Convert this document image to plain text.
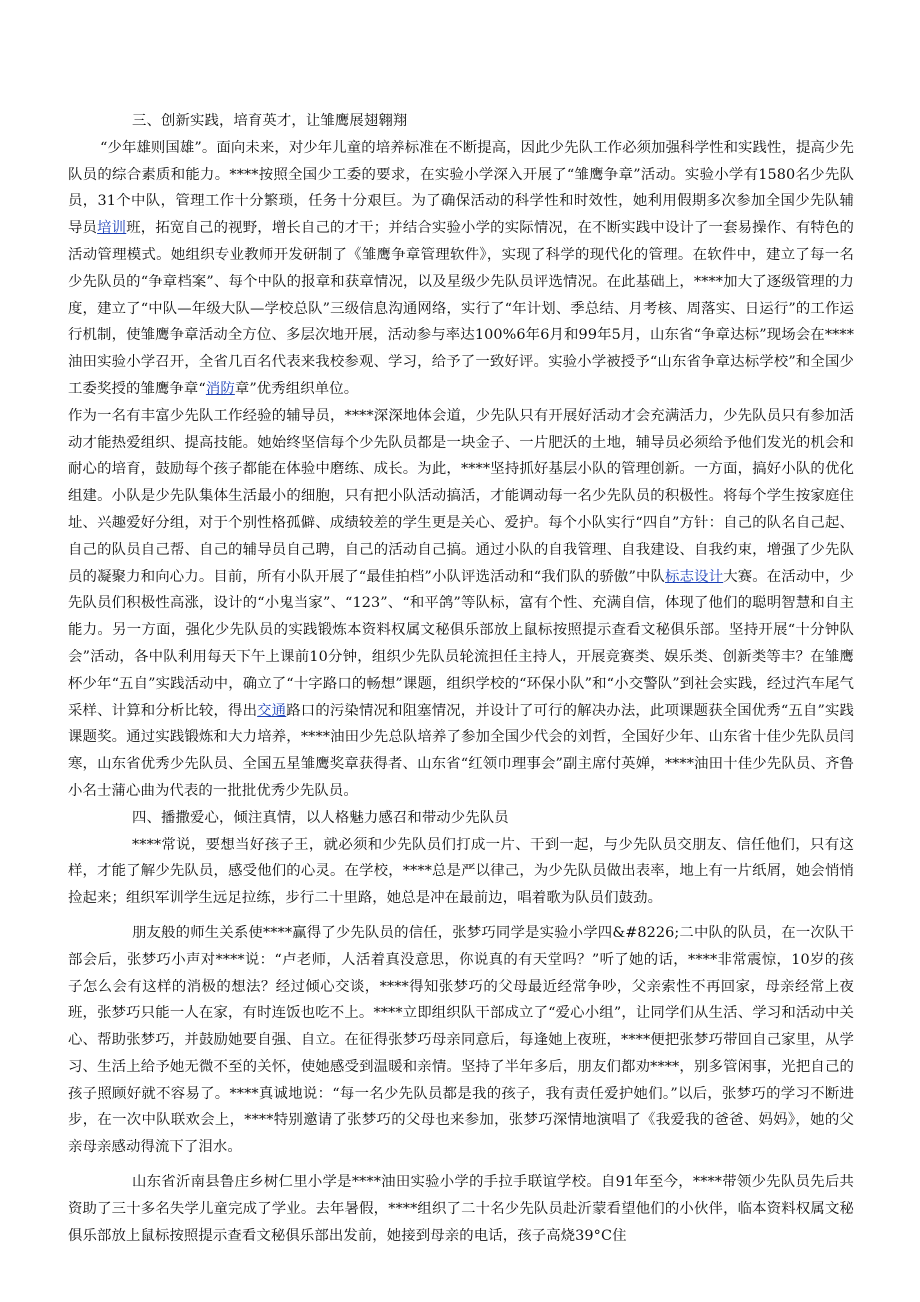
三、创新实践，培育英才，让雏鹰展翅翱翔

“少年雄则国雄”。面向未来，对少年儿童的培养标准在不断提高，因此少先队工作必须加强科学性和实践性，提高少先队员的综合素质和能力。****按照全国少工委的要求，在实验小学深入开展了“雏鹰争章”活动。实验小学有1580名少先队员，31个中队，管理工作十分繁琐，任务十分艰巨。为了确保活动的科学性和时效性，她利用假期多次参加全国少先队辅导员培训班，拓宽自己的视野，增长自己的才干；并结合实验小学的实际情况，在不断实践中设计了一套易操作、有特色的活动管理模式。她组织专业教师开发研制了《雏鹰争章管理软件》，实现了科学的现代化的管理。在软件中，建立了每一名少先队员的“争章档案”、每个中队的报章和获章情况，以及星级少先队员评选情况。在此基础上，****加大了逐级管理的力度，建立了“中队—年级大队—学校总队”三级信息沟通网络，实行了“年计划、季总结、月考核、周落实、日运行”的工作运行机制，使雏鹰争章活动全方位、多层次地开展，活动参与率达100%6年6月和99年5月，山东省“争章达标”现场会在****油田实验小学召开，全省几百名代表来我校参观、学习，给予了一致好评。实验小学被授予“山东省争章达标学校”和全国少工委奖授的雏鹰争章“消防章”优秀组织单位。

作为一名有丰富少先队工作经验的辅导员，****深深地体会道，少先队只有开展好活动才会充满活力，少先队员只有参加活动才能热爱组织、提高技能。她始终坚信每个少先队员都是一块金子、一片肥沃的土地，辅导员必须给予他们发光的机会和耐心的培育，鼓励每个孩子都能在体验中磨练、成长。为此，****坚持抓好基层小队的管理创新。一方面，搞好小队的优化组建。小队是少先队集体生活最小的细胞，只有把小队活动搞活，才能调动每一名少先队员的积极性。将每个学生按家庭住址、兴趣爱好分组，对于个别性格孤僻、成绩较差的学生更是关心、爱护。每个小队实行“四自”方针：自己的队名自己起、自己的队员自己帮、自己的辅导员自己聘，自己的活动自己搞。通过小队的自我管理、自我建设、自我约束，增强了少先队员的凝聚力和向心力。目前，所有小队开展了“最佳拍档”小队评选活动和“我们队的骄傲”中队标志设计大赛。在活动中，少先队员们积极性高涨，设计的“小鬼当家”、“123”、“和平鸽”等队标，富有个性、充满自信，体现了他们的聪明智慧和自主能力。另一方面，强化少先队员的实践锻炼本资料权属文秘俱乐部放上鼠标按照提示查看文秘俱乐部。坚持开展“十分钟队会”活动，各中队利用每天下午上课前10分钟，组织少先队员轮流担任主持人，开展竞赛类、娱乐类、创新类等丰？在雏鹰杯少年“五自”实践活动中，确立了“十字路口的畅想”课题，组织学校的“环保小队”和“小交警队”到社会实践，经过汽车尾气采样、计算和分析比较，得出交通路口的污染情况和阻塞情况，并设计了可行的解决办法，此项课题获全国优秀“五自”实践课题奖。通过实践锻炼和大力培养，****油田少先总队培养了参加全国少代会的刘哲，全国好少年、山东省十佳少先队员闫寒，山东省优秀少先队员、全国五星雏鹰奖章获得者、山东省“红领巾理事会”副主席付英婵，****油田十佳少先队员、齐鲁小名士蒲心曲为代表的一批批优秀少先队员。

四、播撒爱心，倾注真情，以人格魅力感召和带动少先队员

****常说，要想当好孩子王，就必须和少先队员们打成一片、干到一起，与少先队员交朋友、信任他们，只有这样，才能了解少先队员，感受他们的心灵。在学校，****总是严以律己，为少先队员做出表率，地上有一片纸屑，她会悄悄捡起来；组织军训学生远足拉练，步行二十里路，她总是冲在最前边，唱着歌为队员们鼓劲。

朋友般的师生关系使****赢得了少先队员的信任，张梦巧同学是实验小学四&#8226;二中队的队员，在一次队干部会后，张梦巧小声对****说：“卢老师，人活着真没意思，你说真的有天堂吗？”听了她的话，****非常震惊，10岁的孩子怎么会有这样的消极的想法？经过倾心交谈，****得知张梦巧的父母最近经常争吵，父亲索性不再回家，母亲经常上夜班，张梦巧只能一人在家，有时连饭也吃不上。****立即组织队干部成立了“爱心小组”，让同学们从生活、学习和活动中关心、帮助张梦巧，并鼓励她要自强、自立。在征得张梦巧母亲同意后，每逢她上夜班，****便把张梦巧带回自己家里，从学习、生活上给予她无微不至的关怀，使她感受到温暖和亲情。坚持了半年多后，朋友们都劝****，别多管闲事，光把自己的孩子照顾好就不容易了。****真诚地说：“每一名少先队员都是我的孩子，我有责任爱护她们。”以后，张梦巧的学习不断进步，在一次中队联欢会上，****特别邀请了张梦巧的父母也来参加，张梦巧深情地演唱了《我爱我的爸爸、妈妈》，她的父亲母亲感动得流下了泪水。

山东省沂南县鲁庄乡树仁里小学是****油田实验小学的手拉手联谊学校。自91年至今，****带领少先队员先后共资助了三十多名失学儿童完成了学业。去年暑假，****组织了二十名少先队员赴沂蒙看望他们的小伙伴，临本资料权属文秘俱乐部放上鼠标按照提示查看文秘俱乐部出发前，她接到母亲的电话，孩子高烧39°C住
